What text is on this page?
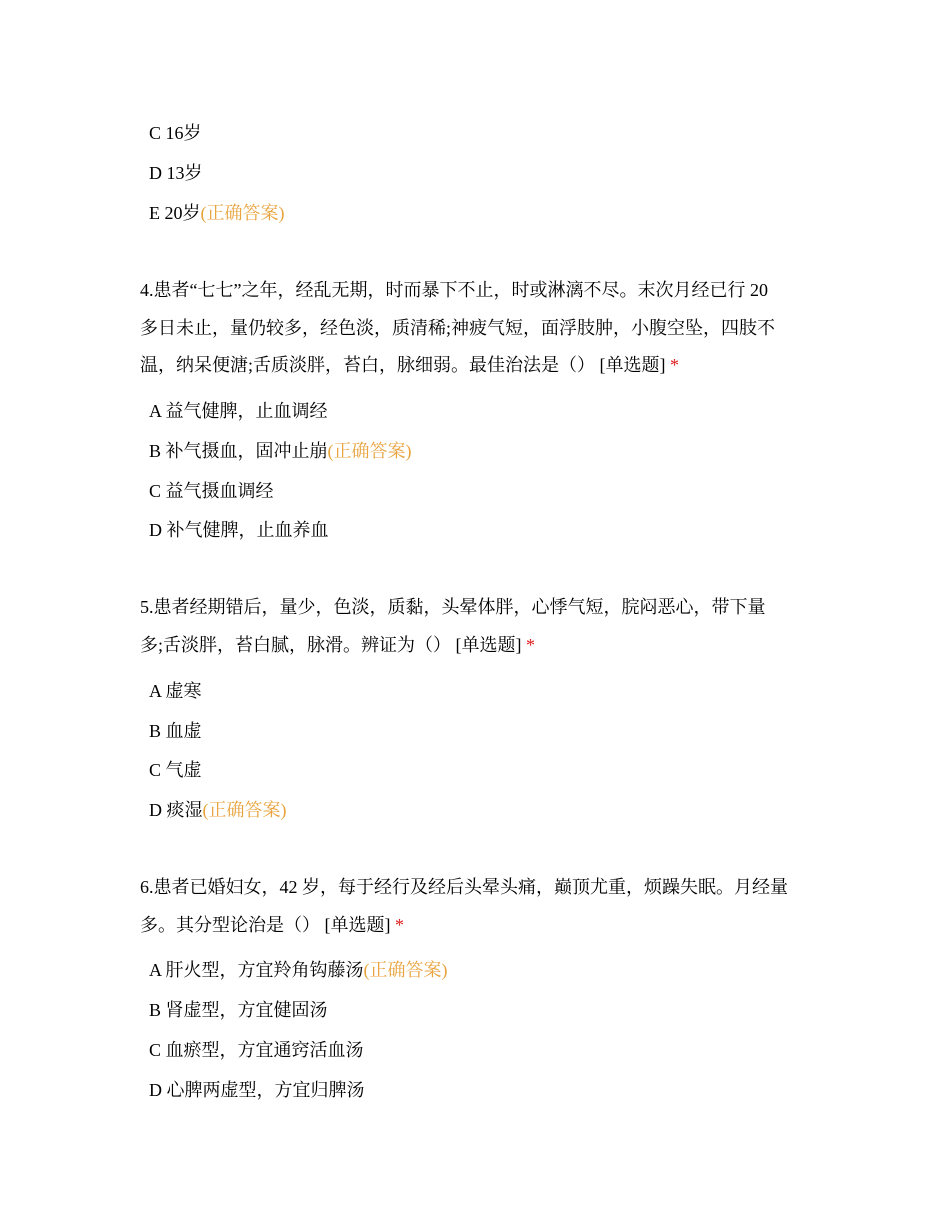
C 16岁
D 13岁
E 20岁(正确答案)
4.患者“七七”之年，经乱无期，时而暴下不止，时或淋漓不尽。末次月经已行 20
多日未止，量仍较多，经色淡，质清稀;神疲气短，面浮肢肿，小腹空坠，四肢不
温，纳呆便溏;舌质淡胖，苔白，脉细弱。最佳治法是（） [单选题] *
A 益气健脾，止血调经
B 补气摄血，固冲止崩(正确答案)
C 益气摄血调经
D 补气健脾，止血养血
5.患者经期错后，量少，色淡，质黏，头晕体胖，心悸气短，脘闷恶心，带下量
多;舌淡胖，苔白腻，脉滑。辨证为（） [单选题] *
A 虚寒
B 血虚
C 气虚
D 痰湿(正确答案)
6.患者已婚妇女，42 岁，每于经行及经后头晕头痛，巅顶尤重，烦躁失眠。月经量
多。其分型论治是（） [单选题] *
A 肝火型，方宜羚角钩藤汤(正确答案)
B 肾虚型，方宜健固汤
C 血瘀型，方宜通窍活血汤
D 心脾两虚型，方宜归脾汤
